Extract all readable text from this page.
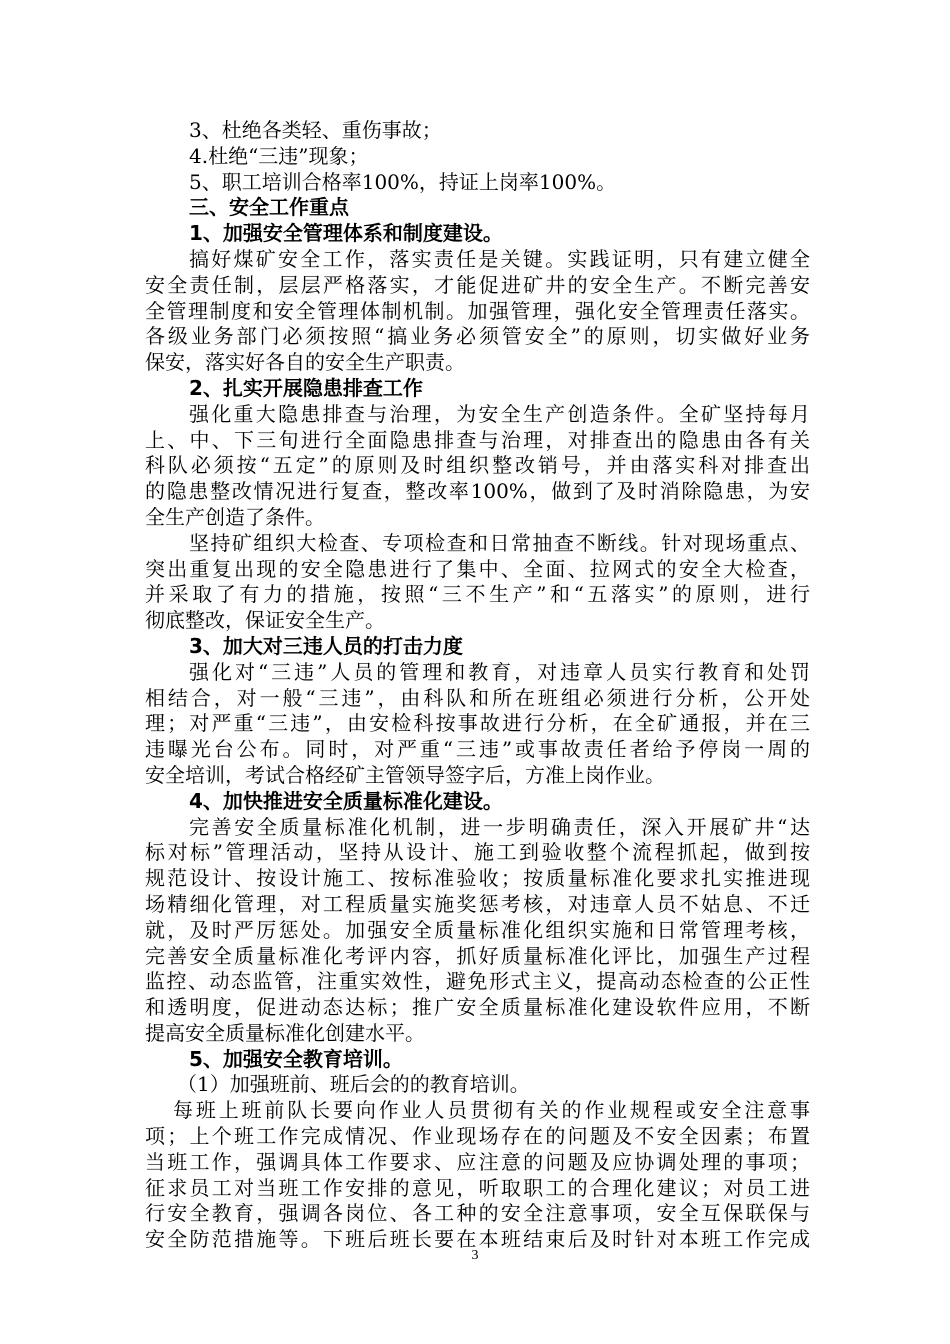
3、杜绝各类轻、重伤事故；
4.杜绝“三违”现象；
5、职工培训合格率100%，持证上岗率100%。
三、安全工作重点
1、加强安全管理体系和制度建设。
搞好煤矿安全工作，落实责任是关键。实践证明，只有建立健全
安全责任制，层层严格落实，才能促进矿井的安全生产。不断完善安
全管理制度和安全管理体制机制。加强管理，强化安全管理责任落实。
各级业务部门必须按照“搞业务必须管安全”的原则，切实做好业务
保安，落实好各自的安全生产职责。
2、扎实开展隐患排查工作
强化重大隐患排查与治理，为安全生产创造条件。全矿坚持每月
上、中、下三旬进行全面隐患排查与治理，对排查出的隐患由各有关
科队必须按“五定”的原则及时组织整改销号，并由落实科对排查出
的隐患整改情况进行复查，整改率100%，做到了及时消除隐患，为安
全生产创造了条件。
坚持矿组织大检查、专项检查和日常抽查不断线。针对现场重点、
突出重复出现的安全隐患进行了集中、全面、拉网式的安全大检查，
并采取了有力的措施，按照“三不生产”和“五落实”的原则，进行
彻底整改，保证安全生产。
3、加大对三违人员的打击力度
强化对“三违”人员的管理和教育，对违章人员实行教育和处罚
相结合，对一般“三违”，由科队和所在班组必须进行分析，公开处
理；对严重“三违”，由安检科按事故进行分析，在全矿通报，并在三
违曝光台公布。同时，对严重“三违”或事故责任者给予停岗一周的
安全培训，考试合格经矿主管领导签字后，方准上岗作业。
4、加快推进安全质量标准化建设。
完善安全质量标准化机制，进一步明确责任，深入开展矿井“达
标对标”管理活动，坚持从设计、施工到验收整个流程抓起，做到按
规范设计、按设计施工、按标准验收；按质量标准化要求扎实推进现
场精细化管理，对工程质量实施奖惩考核，对违章人员不姑息、不迁
就，及时严厉惩处。加强安全质量标准化组织实施和日常管理考核，
完善安全质量标准化考评内容，抓好质量标准化评比，加强生产过程
监控、动态监管，注重实效性，避免形式主义，提高动态检查的公正性
和透明度，促进动态达标；推广安全质量标准化建设软件应用，不断
提高安全质量标准化创建水平。
5、加强安全教育培训。
（1）加强班前、班后会的的教育培训。
每班上班前队长要向作业人员贯彻有关的作业规程或安全注意事
项；上个班工作完成情况、作业现场存在的问题及不安全因素；布置
当班工作，强调具体工作要求、应注意的问题及应协调处理的事项；
征求员工对当班工作安排的意见，听取职工的合理化建议；对员工进
行安全教育，强调各岗位、各工种的安全注意事项，安全互保联保与
安全防范措施等。下班后班长要在本班结束后及时针对本班工作完成
3
